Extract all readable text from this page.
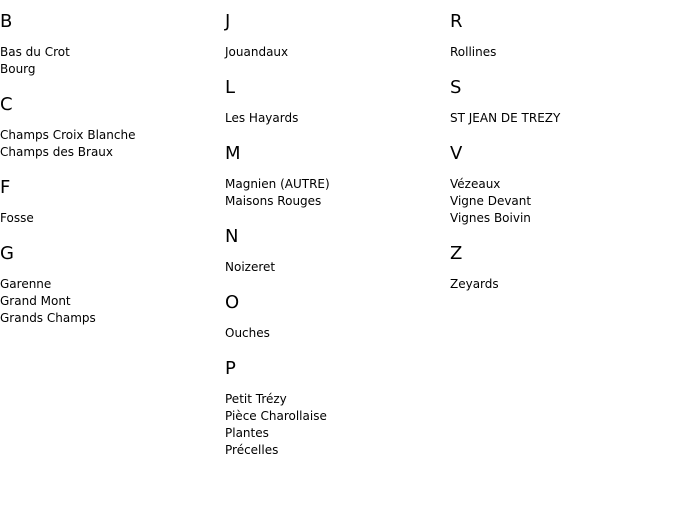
B
Bas du Crot
Bourg
C
Champs Croix Blanche
Champs des Braux
F
Fosse
G
Garenne
Grand Mont
Grands Champs
J
Jouandaux
L
Les Hayards
M
Magnien (AUTRE)
Maisons Rouges
N
Noizeret
O
Ouches
P
Petit Trézy
Pièce Charollaise
Plantes
Précelles
R
Rollines
S
ST JEAN DE TREZY
V
Vézeaux
Vigne Devant
Vignes Boivin
Z
Zeyards
